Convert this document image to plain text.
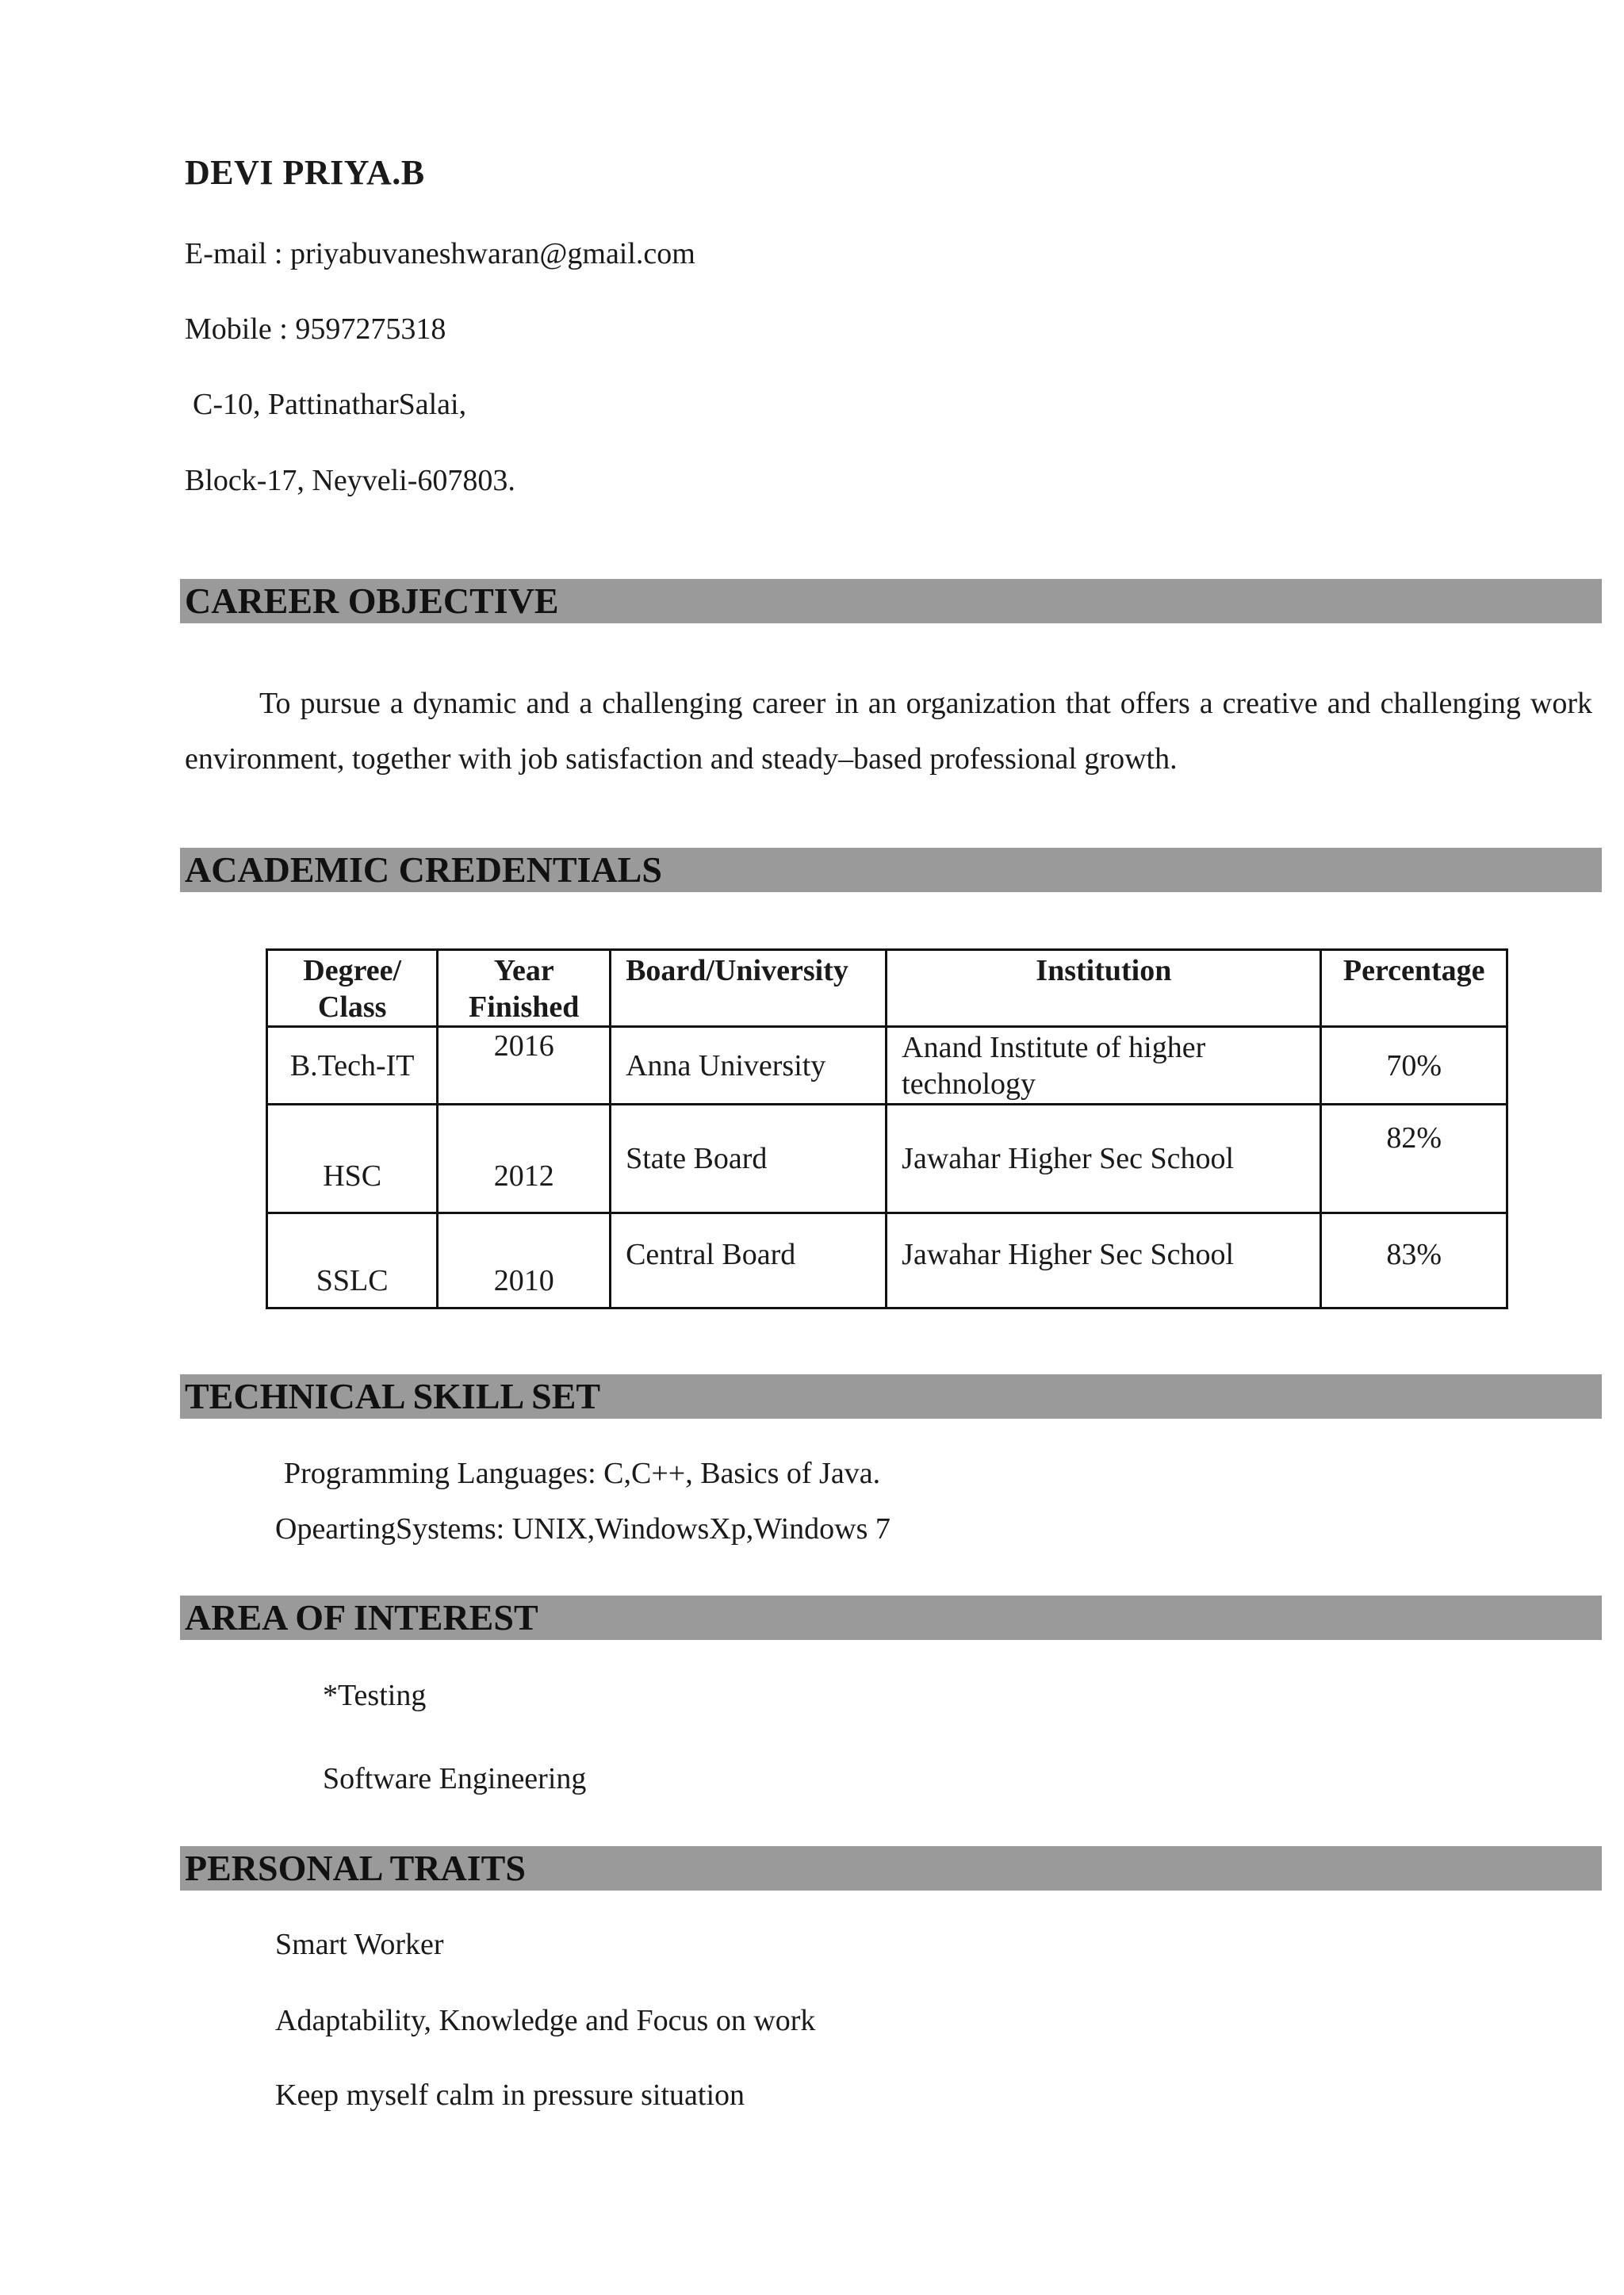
DEVI PRIYA.B
E-mail : priyabuvaneshwaran@gmail.com
Mobile : 9597275318
C-10, PattinatharSalai,
Block-17, Neyveli-607803.
CAREER OBJECTIVE
To pursue a dynamic and a challenging career in an organization that offers a creative and challenging work environment, together with job satisfaction and steady–based professional growth.
ACADEMIC CREDENTIALS
Degree/ Class	Year Finished	Board/University	Institution	Percentage
B.Tech-IT	2016	Anna University	Anand Institute of higher technology	70%
HSC	2012	State Board	Jawahar Higher Sec School	82%
SSLC	2010	Central Board	Jawahar Higher Sec School	83%
TECHNICAL SKILL SET
Programming Languages: C,C++, Basics of Java.
OpeartingSystems: UNIX,WindowsXp,Windows 7
AREA OF INTEREST
*Testing
Software Engineering
PERSONAL TRAITS
Smart Worker
Adaptability, Knowledge and Focus on work
Keep myself calm in pressure situation
